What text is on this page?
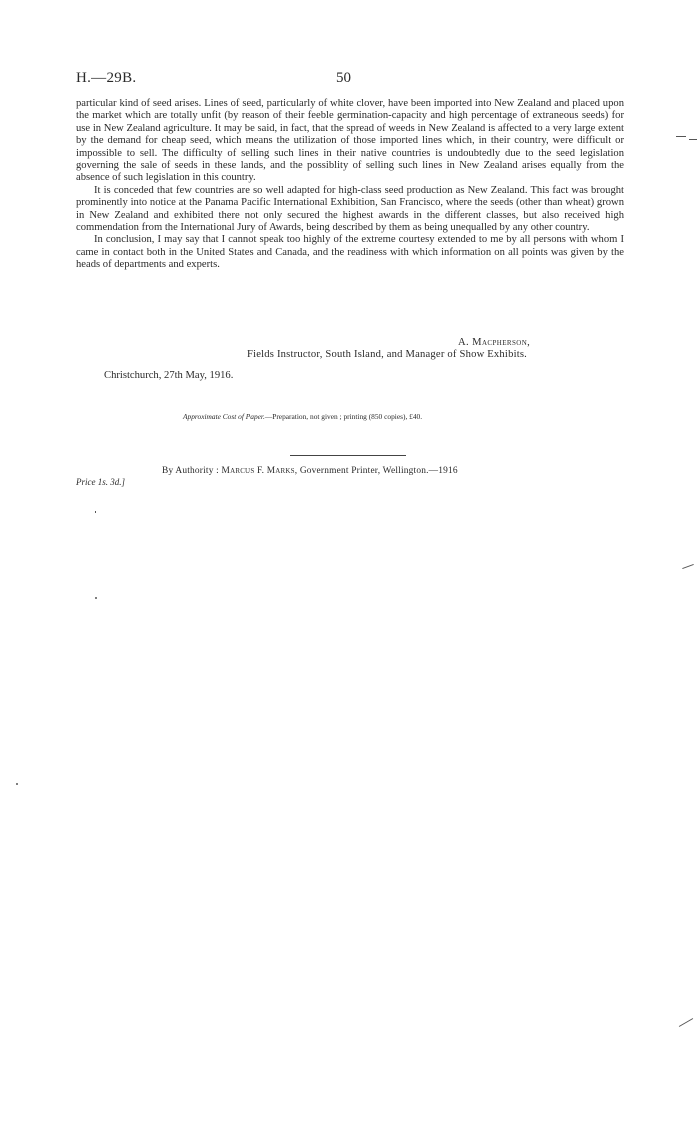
H.—29B.	50

particular kind of seed arises. Lines of seed, particularly of white clover, have been imported into New Zealand and placed upon the market which are totally unfit (by reason of their feeble germination-capacity and high percentage of extraneous seeds) for use in New Zealand agriculture. It may be said, in fact, that the spread of weeds in New Zealand is affected to a very large extent by the demand for cheap seed, which means the utilization of those imported lines which, in their country, were difficult or impossible to sell. The difficulty of selling such lines in their native countries is undoubtedly due to the seed legislation governing the sale of seeds in these lands, and the possiblity of selling such lines in New Zealand arises equally from the absence of such legislation in this country.

It is conceded that few countries are so well adapted for high-class seed production as New Zealand. This fact was brought prominently into notice at the Panama Pacific International Exhibition, San Francisco, where the seeds (other than wheat) grown in New Zealand and exhibited there not only secured the highest awards in the different classes, but also received high commendation from the International Jury of Awards, being described by them as being unequalled by any other country.

In conclusion, I may say that I cannot speak too highly of the extreme courtesy extended to me by all persons with whom I came in contact both in the United States and Canada, and the readiness with which information on all points was given by the heads of departments and experts.

A. Macpherson,
Fields Instructor, South Island, and Manager of Show Exhibits.
Christchurch, 27th May, 1916.
Approximate Cost of Paper.—Preparation, not given ; printing (850 copies), £40.
By Authority : Marcus F. Marks, Government Printer, Wellington.—1916
Price 1s. 3d.]
